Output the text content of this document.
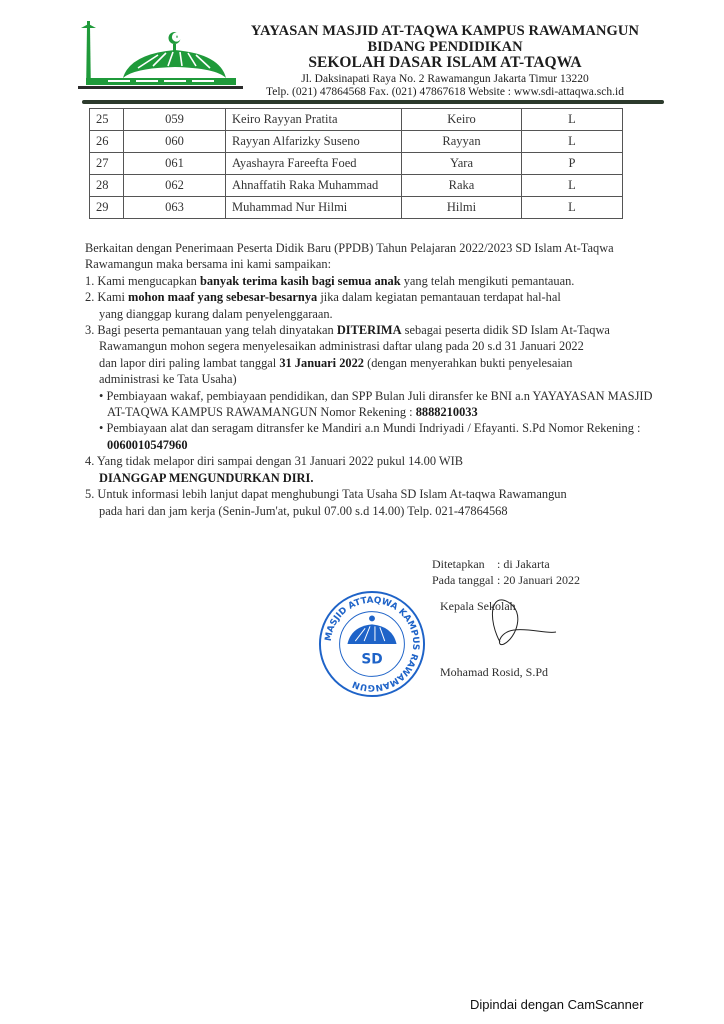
YAYASAN MASJID AT-TAQWA KAMPUS RAWAMANGUN
BIDANG PENDIDIKAN
SEKOLAH DASAR ISLAM AT-TAQWA
Jl. Daksinapati Raya No. 2 Rawamangun Jakarta Timur 13220
Telp. (021) 47864568 Fax. (021) 47867618 Website : www.sdi-attaqwa.sch.id
25	059	Keiro Rayyan Pratita	Keiro	L
26	060	Rayyan Alfarizky Suseno	Rayyan	L
27	061	Ayashayra Fareefta Foed	Yara	P
28	062	Ahnaffatih Raka Muhammad	Raka	L
29	063	Muhammad Nur Hilmi	Hilmi	L

Berkaitan dengan Penerimaan Peserta Didik Baru (PPDB) Tahun Pelajaran 2022/2023 SD Islam At-Taqwa Rawamangun maka bersama ini kami sampaikan:

1. Kami mengucapkan banyak terima kasih bagi semua anak yang telah mengikuti pemantauan.

2. Kami mohon maaf yang sebesar-besarnya jika dalam kegiatan pemantauan terdapat hal-hal

yang dianggap kurang dalam penyelenggaraan.

3. Bagi peserta pemantauan yang telah dinyatakan DITERIMA sebagai peserta didik SD Islam At-Taqwa

Rawamangun mohon segera menyelesaikan administrasi daftar ulang pada 20 s.d 31 Januari 2022

dan lapor diri paling lambat tanggal 31 Januari 2022 (dengan menyerahkan bukti penyelesaian

administrasi ke Tata Usaha)

• Pembiayaan wakaf, pembiayaan pendidikan, dan SPP Bulan Juli diransfer ke BNI a.n YAYAYASAN MASJID AT-TAQWA KAMPUS RAWAMANGUN Nomor Rekening : 8888210033

• Pembiayaan alat dan seragam ditransfer ke Mandiri a.n Mundi Indriyadi / Efayanti. S.Pd Nomor Rekening : 0060010547960

4. Yang tidak melapor diri sampai dengan 31 Januari 2022 pukul 14.00 WIB

DIANGGAP MENGUNDURKAN DIRI.

5. Untuk informasi lebih lanjut dapat menghubungi Tata Usaha SD Islam At-taqwa Rawamangun

pada hari dan jam kerja (Senin-Jum'at, pukul 07.00 s.d 14.00) Telp. 021-47864568

MASJID ATTAQWA KAMPUS RAWAMANGUN
SD
Ditetapkan : di Jakarta
Pada tanggal : 20 Januari 2022
Kepala Sekolah
Mohamad Rosid, S.Pd
Dipindai dengan CamScanner
